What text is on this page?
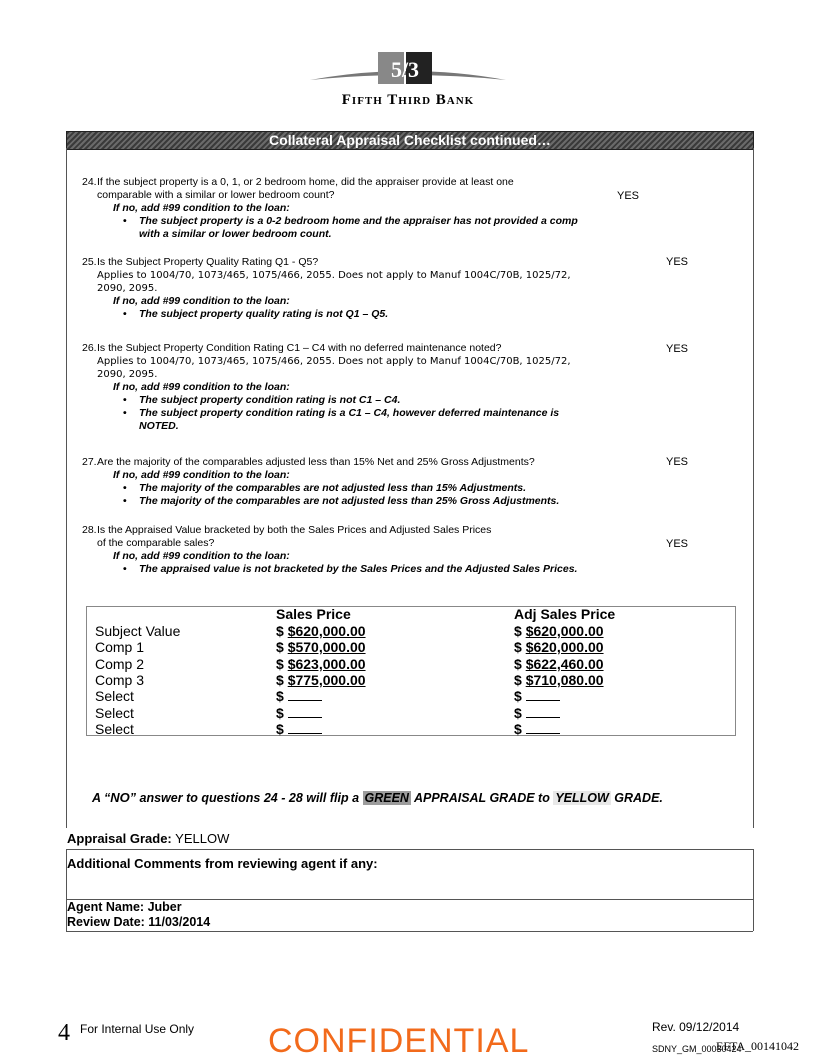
5/3
Fifth Third Bank
Collateral Appraisal Checklist continued…
24. If the subject property is a 0, 1, or 2 bedroom home, did the appraiser provide at least one
comparable with a similar or lower bedroom count?
If no, add #99 condition to the loan:
• The subject property is a 0-2 bedroom home and the appraiser has not provided a comp with a similar or lower bedroom count.
YES
25. Is the Subject Property Quality Rating Q1 - Q5?
Applies to 1004/70, 1073/465, 1075/466, 2055. Does not apply to Manuf 1004C/70B, 1025/72, 2090, 2095.
If no, add #99 condition to the loan:
• The subject property quality rating is not Q1 – Q5.
YES
26. Is the Subject Property Condition Rating C1 – C4 with no deferred maintenance noted?
Applies to 1004/70, 1073/465, 1075/466, 2055. Does not apply to Manuf 1004C/70B, 1025/72, 2090, 2095.
If no, add #99 condition to the loan:
• The subject property condition rating is not C1 – C4.
• The subject property condition rating is a C1 – C4, however deferred maintenance is NOTED.
YES
27. Are the majority of the comparables adjusted less than 15% Net and 25% Gross Adjustments?
If no, add #99 condition to the loan:
• The majority of the comparables are not adjusted less than 15% Adjustments.
• The majority of the comparables are not adjusted less than 25% Gross Adjustments.
YES
28. Is the Appraised Value bracketed by both the Sales Prices and Adjusted Sales Prices
of the comparable sales?
If no, add #99 condition to the loan:
• The appraised value is not bracketed by the Sales Prices and the Adjusted Sales Prices.
YES
Sales Price	Adj Sales Price
Subject Value	$ $620,000.00	$ $620,000.00
Comp 1	$ $570,000.00	$ $620,000.00
Comp 2	$ $623,000.00	$ $622,460.00
Comp 3	$ $775,000.00	$ $710,080.00
Select	$	$
Select	$	$
Select	$	$
A “NO” answer to questions 24 - 28 will flip a GREEN APPRAISAL GRADE to YELLOW GRADE.
Appraisal Grade: YELLOW
Additional Comments from reviewing agent if any:
Agent Name: Juber
Review Date: 11/03/2014
4 For Internal Use Only CONFIDENTIAL	Rev. 09/12/2014
SDNY_GM_00030424
EFTA_00141042
